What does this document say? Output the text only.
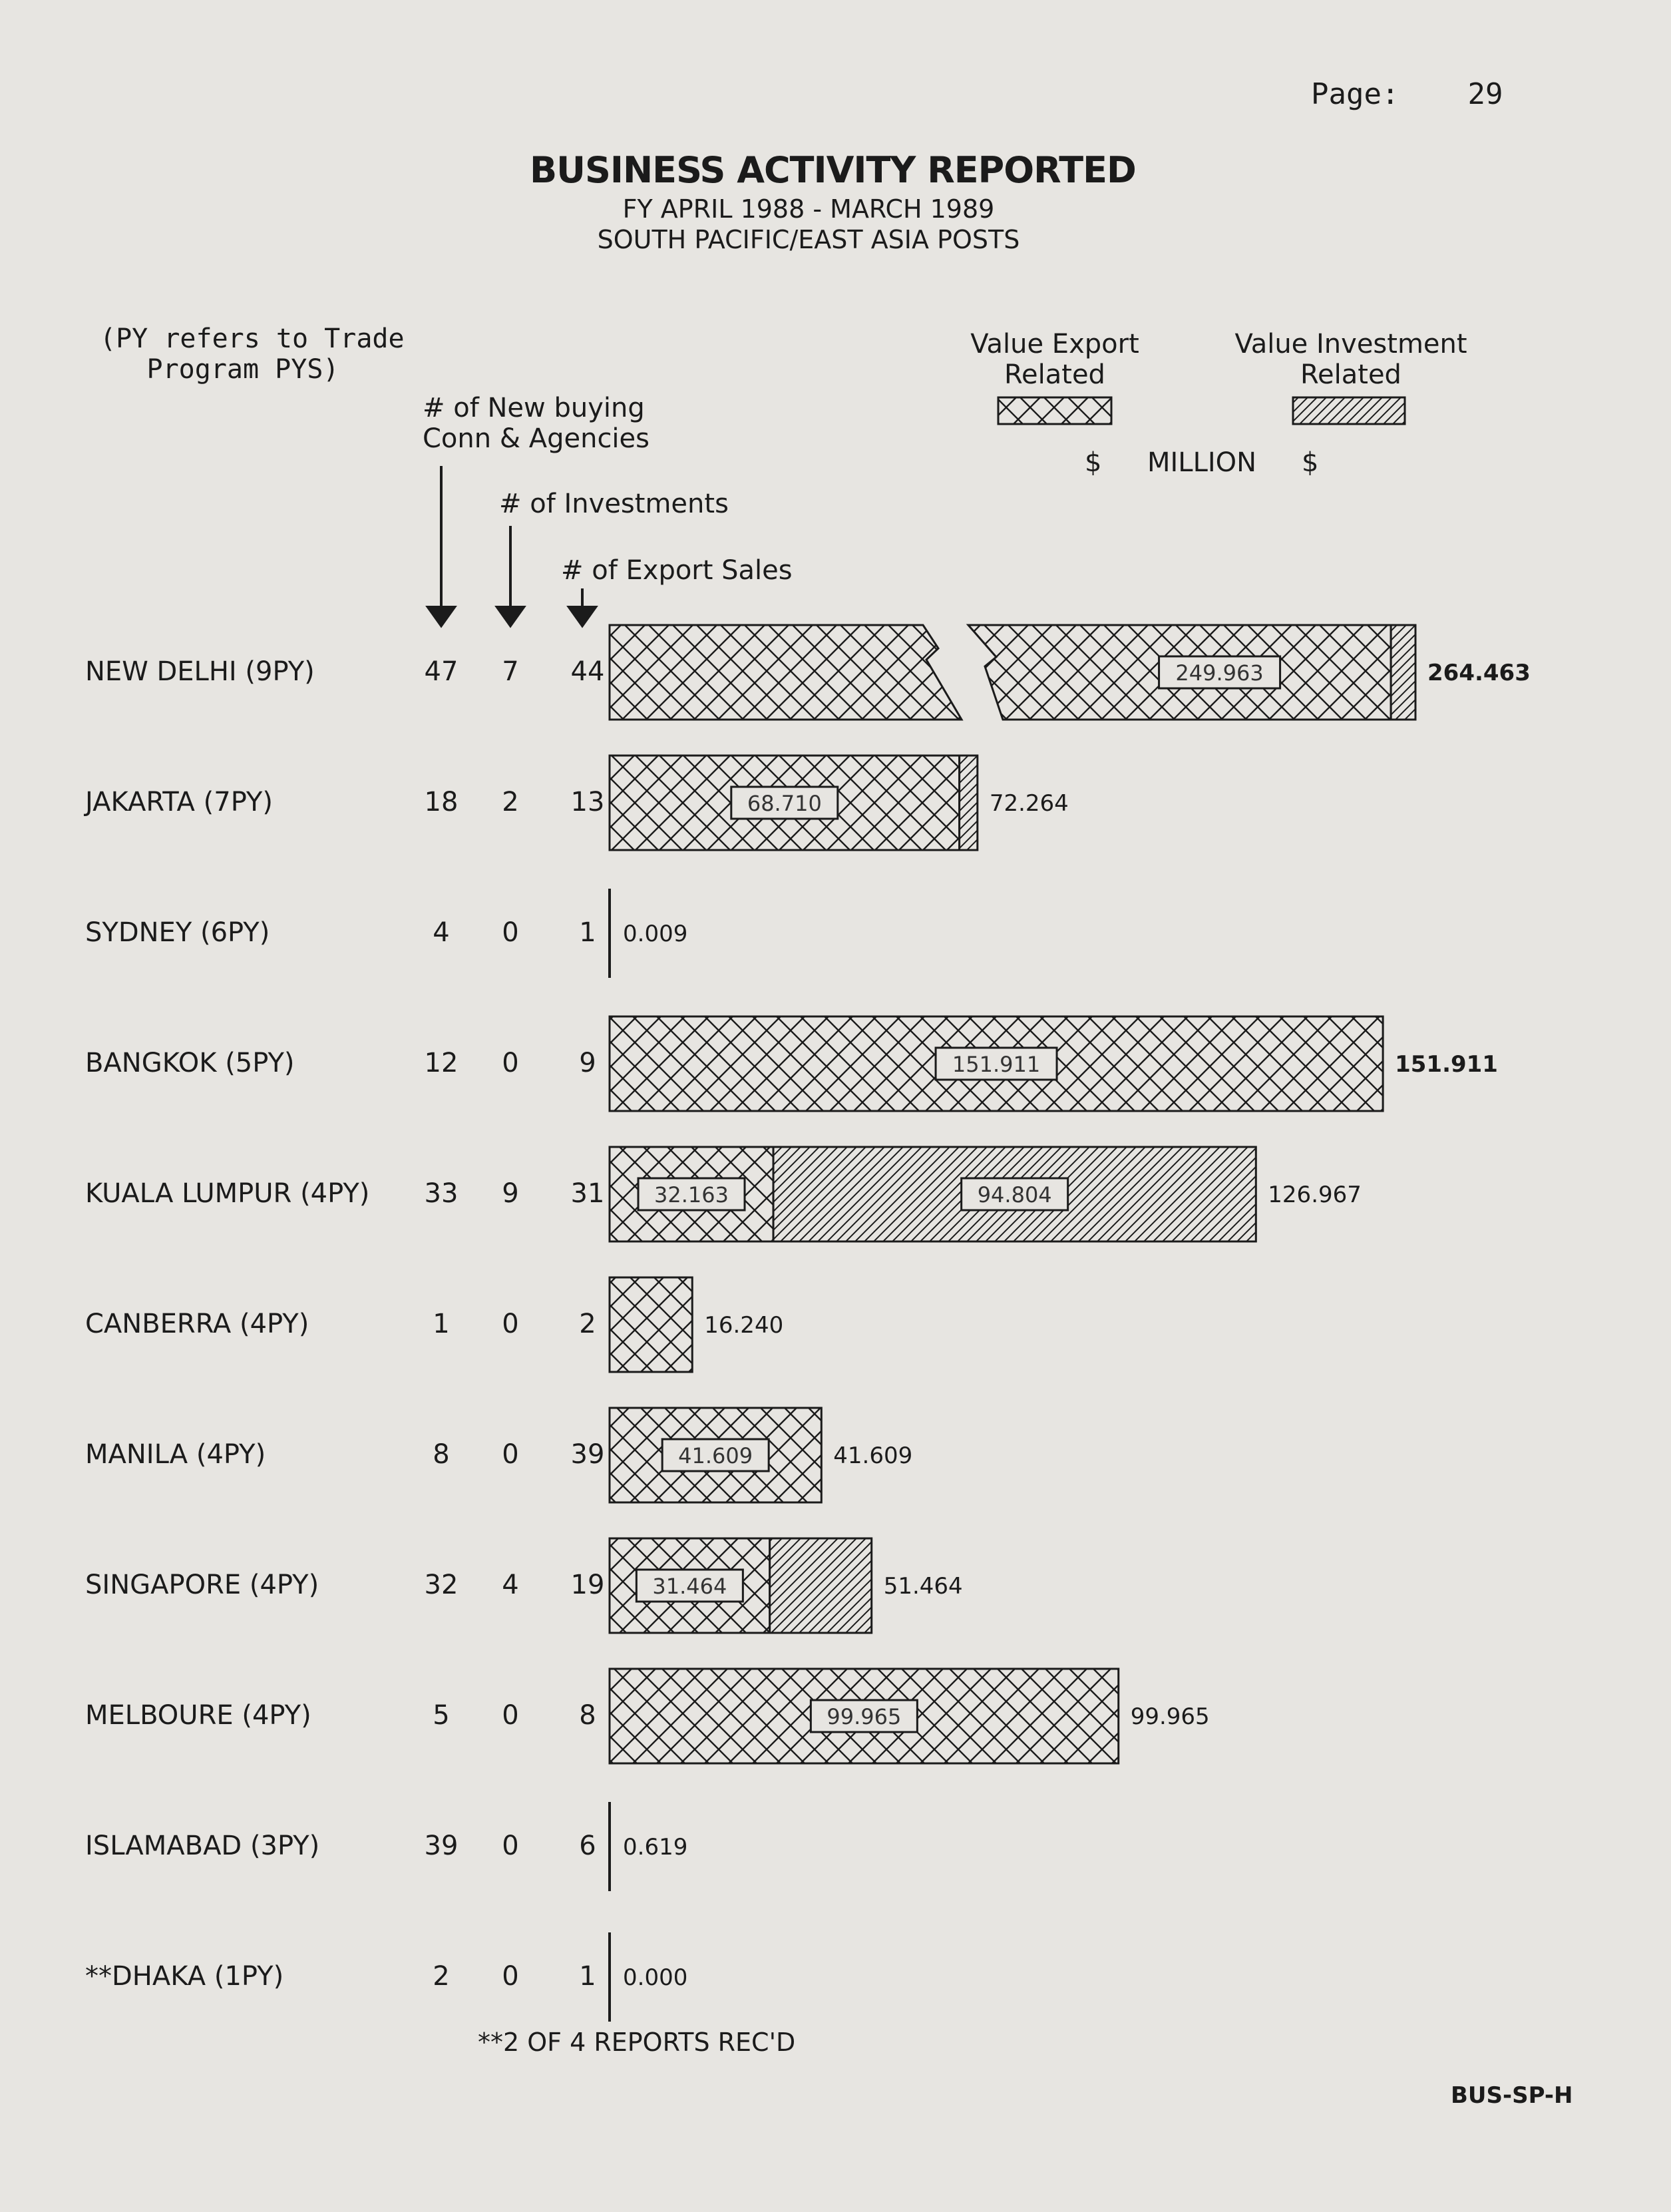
Page: 29
BUSINESS ACTIVITY REPORTED
FY APRIL 1988 - MARCH 1989
SOUTH PACIFIC/EAST ASIA POSTS
(PY refers to Trade
Program PYS)
# of New buying
Conn & Agencies
# of Investments
# of Export Sales
Value Export
Related
Value Investment
Related
$ MILLION $
**2 OF 4 REPORTS REC'D
BUS-SP-H
NEW DELHI (9PY)	47	7	44
JAKARTA (7PY)	18	2	13
SYDNEY (6PY)	4	0	1
BANGKOK (5PY)	12	0	9
KUALA LUMPUR (4PY) 33	9	31
CANBERRA (4PY)	1	0	2
MANILA (4PY)	8	0	39
SINGAPORE (4PY)	32	4	19
MELBOURE (4PY)	5	0	8
ISLAMABAD (3PY)	39	0	6
**DHAKA (1PY)	2	0	1
249.963	264.463
68.710	72.264
0.009
151.911	151.911
32.163	94.804	126.967
16.240
41.609	41.609
31.464	51.464
99.965	99.965
0.619
0.000
